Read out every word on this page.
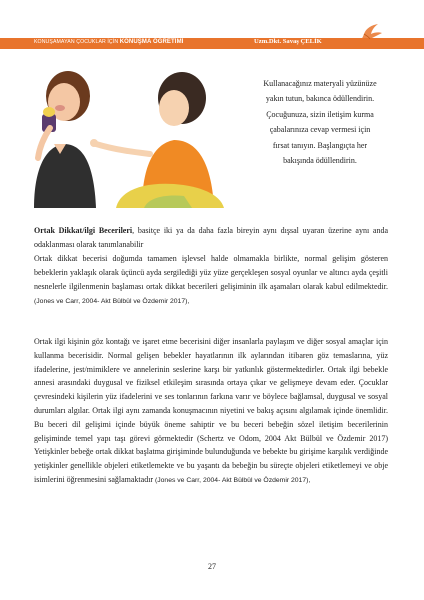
KONUŞAMAYAN ÇOCUKLAR İÇİN KONUŞMA ÖĞRETİMİ	Uzm.Dkt. Savaş ÇELİK
Kullanacağınız materyali yüzünüze yakın tutun, bakınca ödüllendirin. Çocuğunuza, sizin iletişim kurma çabalarınıza cevap vermesi için fırsat tanıyın. Başlangıçta her bakışında ödüllendirin.

Ortak Dikkat/ilgi Becerileri, basitçe iki ya da daha fazla bireyin aynı dışsal uyaran üzerine aynı anda odaklanması olarak tanımlanabilir

Ortak dikkat becerisi doğumda tamamen işlevsel halde olmamakla birlikte, normal gelişim gösteren bebeklerin yaklaşık olarak üçüncü ayda sergilediği yüz yüze gerçekleşen sosyal oyunlar ve altıncı ayda çeşitli nesnelerle ilgilenmenin başlaması ortak dikkat becerileri gelişiminin ilk aşamaları olarak kabul edilmektedir. (Jones ve Carr, 2004- Akt Bülbül ve Özdemir 2017),

Ortak ilgi kişinin göz kontağı ve işaret etme becerisini diğer insanlarla paylaşım ve diğer sosyal amaçlar için kullanma becerisidir. Normal gelişen bebekler hayatlarının ilk aylarından itibaren göz temaslarına, yüz ifadelerine, jest/mimiklere ve annelerinin seslerine karşı bir yatkınlık göstermektedirler. Ortak ilgi bebekle annesi arasındaki duygusal ve fiziksel etkileşim sırasında ortaya çıkar ve gelişmeye devam eder. Çocuklar çevresindeki kişilerin yüz ifadelerini ve ses tonlarının farkına varır ve böylece bağlamsal, duygusal ve sosyal durumları algılar. Ortak ilgi aynı zamanda konuşmacının niyetini ve bakış açısını algılamak içinde önemlidir. Bu beceri dil gelişimi içinde büyük öneme sahiptir ve bu beceri bebeğin sözel iletişim becerilerinin gelişiminde temel yapı taşı görevi görmektedir (Schertz ve Odom, 2004 Akt Bülbül ve Özdemir 2017) Yetişkinler bebeğe ortak dikkat başlatma girişiminde bulunduğunda ve bebekte bu girişime karşılık verdiğinde yetişkinler genellikle objeleri etiketlemekte ve bu yaşantı da bebeğin bu süreçte objeleri etiketlemeyi ve obje isimlerini öğrenmesini sağlamaktadır (Jones ve Carr, 2004- Akt Bülbül ve Özdemir 2017),

27
